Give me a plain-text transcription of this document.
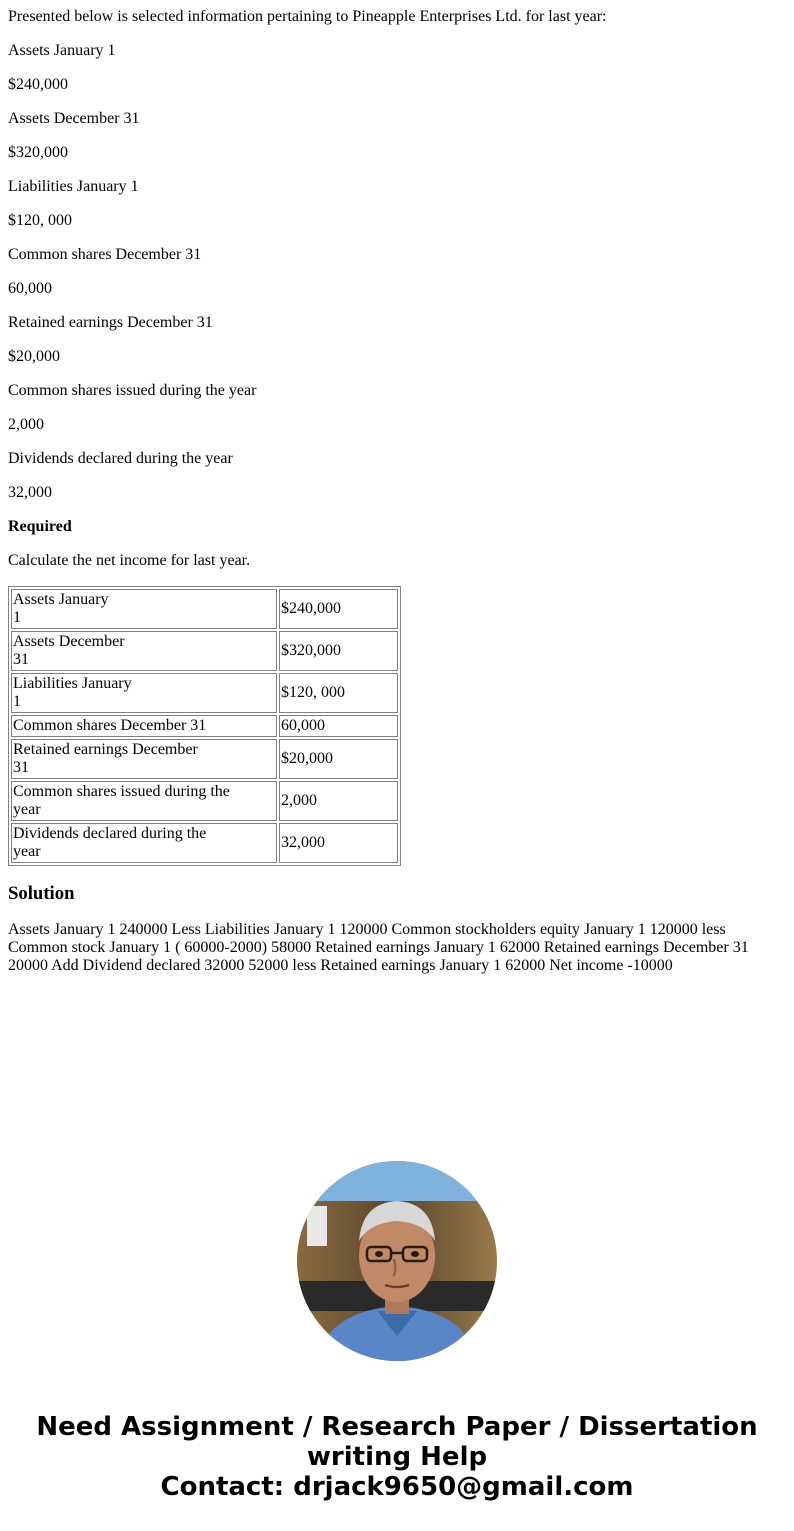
Presented below is selected information pertaining to Pineapple Enterprises Ltd. for last year:

Assets January 1

$240,000

Assets December 31

$320,000

Liabilities January 1

$120, 000

Common shares December 31

60,000

Retained earnings December 31

$20,000

Common shares issued during the year

2,000

Dividends declared during the year

32,000

Required

Calculate the net income for last year.

Assets January
1	$240,000
Assets December
31	$320,000
Liabilities January
1	$120, 000
Common shares December 31	60,000
Retained earnings December
31	$20,000
Common shares issued during the
year	2,000
Dividends declared during the
year	32,000
Solution

Assets January 1 240000 Less Liabilities January 1 120000 Common stockholders equity January 1 120000 less Common stock January 1 ( 60000-2000) 58000 Retained earnings January 1 62000 Retained earnings December 31 20000 Add Dividend declared 32000 52000 less Retained earnings January 1 62000 Net income -10000

Need Assignment / Research Paper / Dissertation
writing Help
Contact: drjack9650@gmail.com
